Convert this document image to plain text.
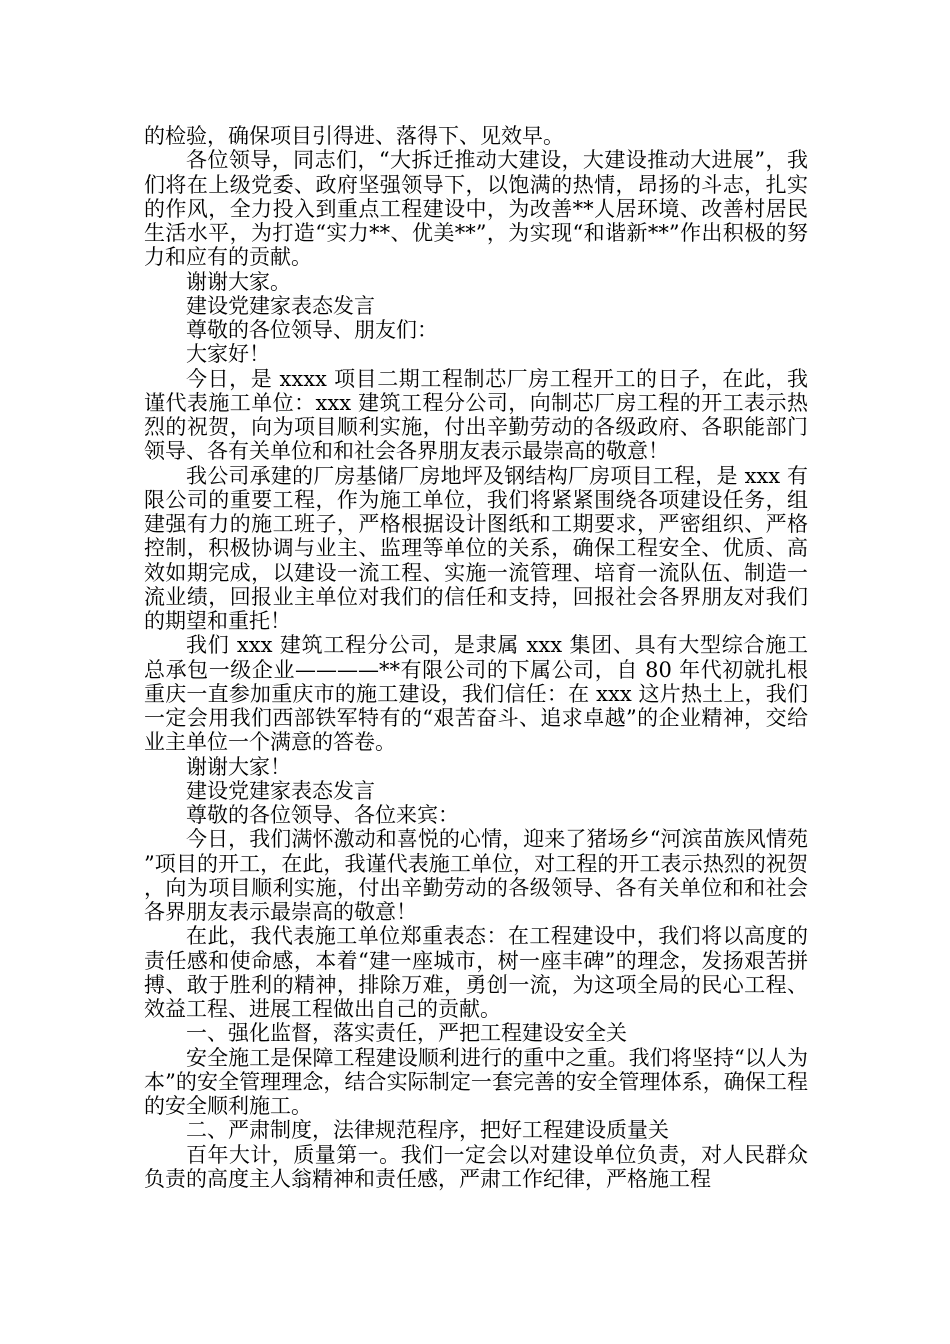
的检验，确保项目引得进、落得下、见效早。

各位领导，同志们，“大拆迁推动大建设，大建设推动大进展”，我们将在上级党委、政府坚强领导下，以饱满的热情，昂扬的斗志，扎实的作风，全力投入到重点工程建设中，为改善**人居环境、改善村居民生活水平，为打造“实力**、优美**”，为实现“和谐新**”作出积极的努力和应有的贡献。

谢谢大家。

建设党建家表态发言

尊敬的各位领导、朋友们：

大家好！

今日，是 xxxx 项目二期工程制芯厂房工程开工的日子，在此，我谨代表施工单位：xxx 建筑工程分公司，向制芯厂房工程的开工表示热烈的祝贺，向为项目顺利实施，付出辛勤劳动的各级政府、各职能部门领导、各有关单位和和社会各界朋友表示最崇高的敬意！

我公司承建的厂房基储厂房地坪及钢结构厂房项目工程，是 xxx 有限公司的重要工程，作为施工单位，我们将紧紧围绕各项建设任务，组建强有力的施工班子，严格根据设计图纸和工期要求，严密组织、严格控制，积极协调与业主、监理等单位的关系，确保工程安全、优质、高效如期完成，以建设一流工程、实施一流管理、培育一流队伍、制造一流业绩，回报业主单位对我们的信任和支持，回报社会各界朋友对我们的期望和重托！

我们 xxx 建筑工程分公司，是隶属 xxx 集团、具有大型综合施工总承包一级企业————**有限公司的下属公司，自 80 年代初就扎根重庆一直参加重庆市的施工建设，我们信任：在 xxx 这片热土上，我们一定会用我们西部铁军特有的“艰苦奋斗、追求卓越”的企业精神，交给业主单位一个满意的答卷。

谢谢大家！

建设党建家表态发言

尊敬的各位领导、各位来宾：

今日，我们满怀激动和喜悦的心情，迎来了猪场乡“河滨苗族风情苑”项目的开工，在此，我谨代表施工单位，对工程的开工表示热烈的祝贺，向为项目顺利实施，付出辛勤劳动的各级领导、各有关单位和和社会各界朋友表示最崇高的敬意！

在此，我代表施工单位郑重表态：在工程建设中，我们将以高度的责任感和使命感，本着“建一座城市，树一座丰碑”的理念，发扬艰苦拼搏、敢于胜利的精神，排除万难，勇创一流，为这项全局的民心工程、效益工程、进展工程做出自己的贡献。

一、强化监督，落实责任，严把工程建设安全关

安全施工是保障工程建设顺利进行的重中之重。我们将坚持“以人为本”的安全管理理念，结合实际制定一套完善的安全管理体系，确保工程的安全顺利施工。

二、严肃制度，法律规范程序，把好工程建设质量关

百年大计，质量第一。我们一定会以对建设单位负责，对人民群众负责的高度主人翁精神和责任感，严肃工作纪律，严格施工程
